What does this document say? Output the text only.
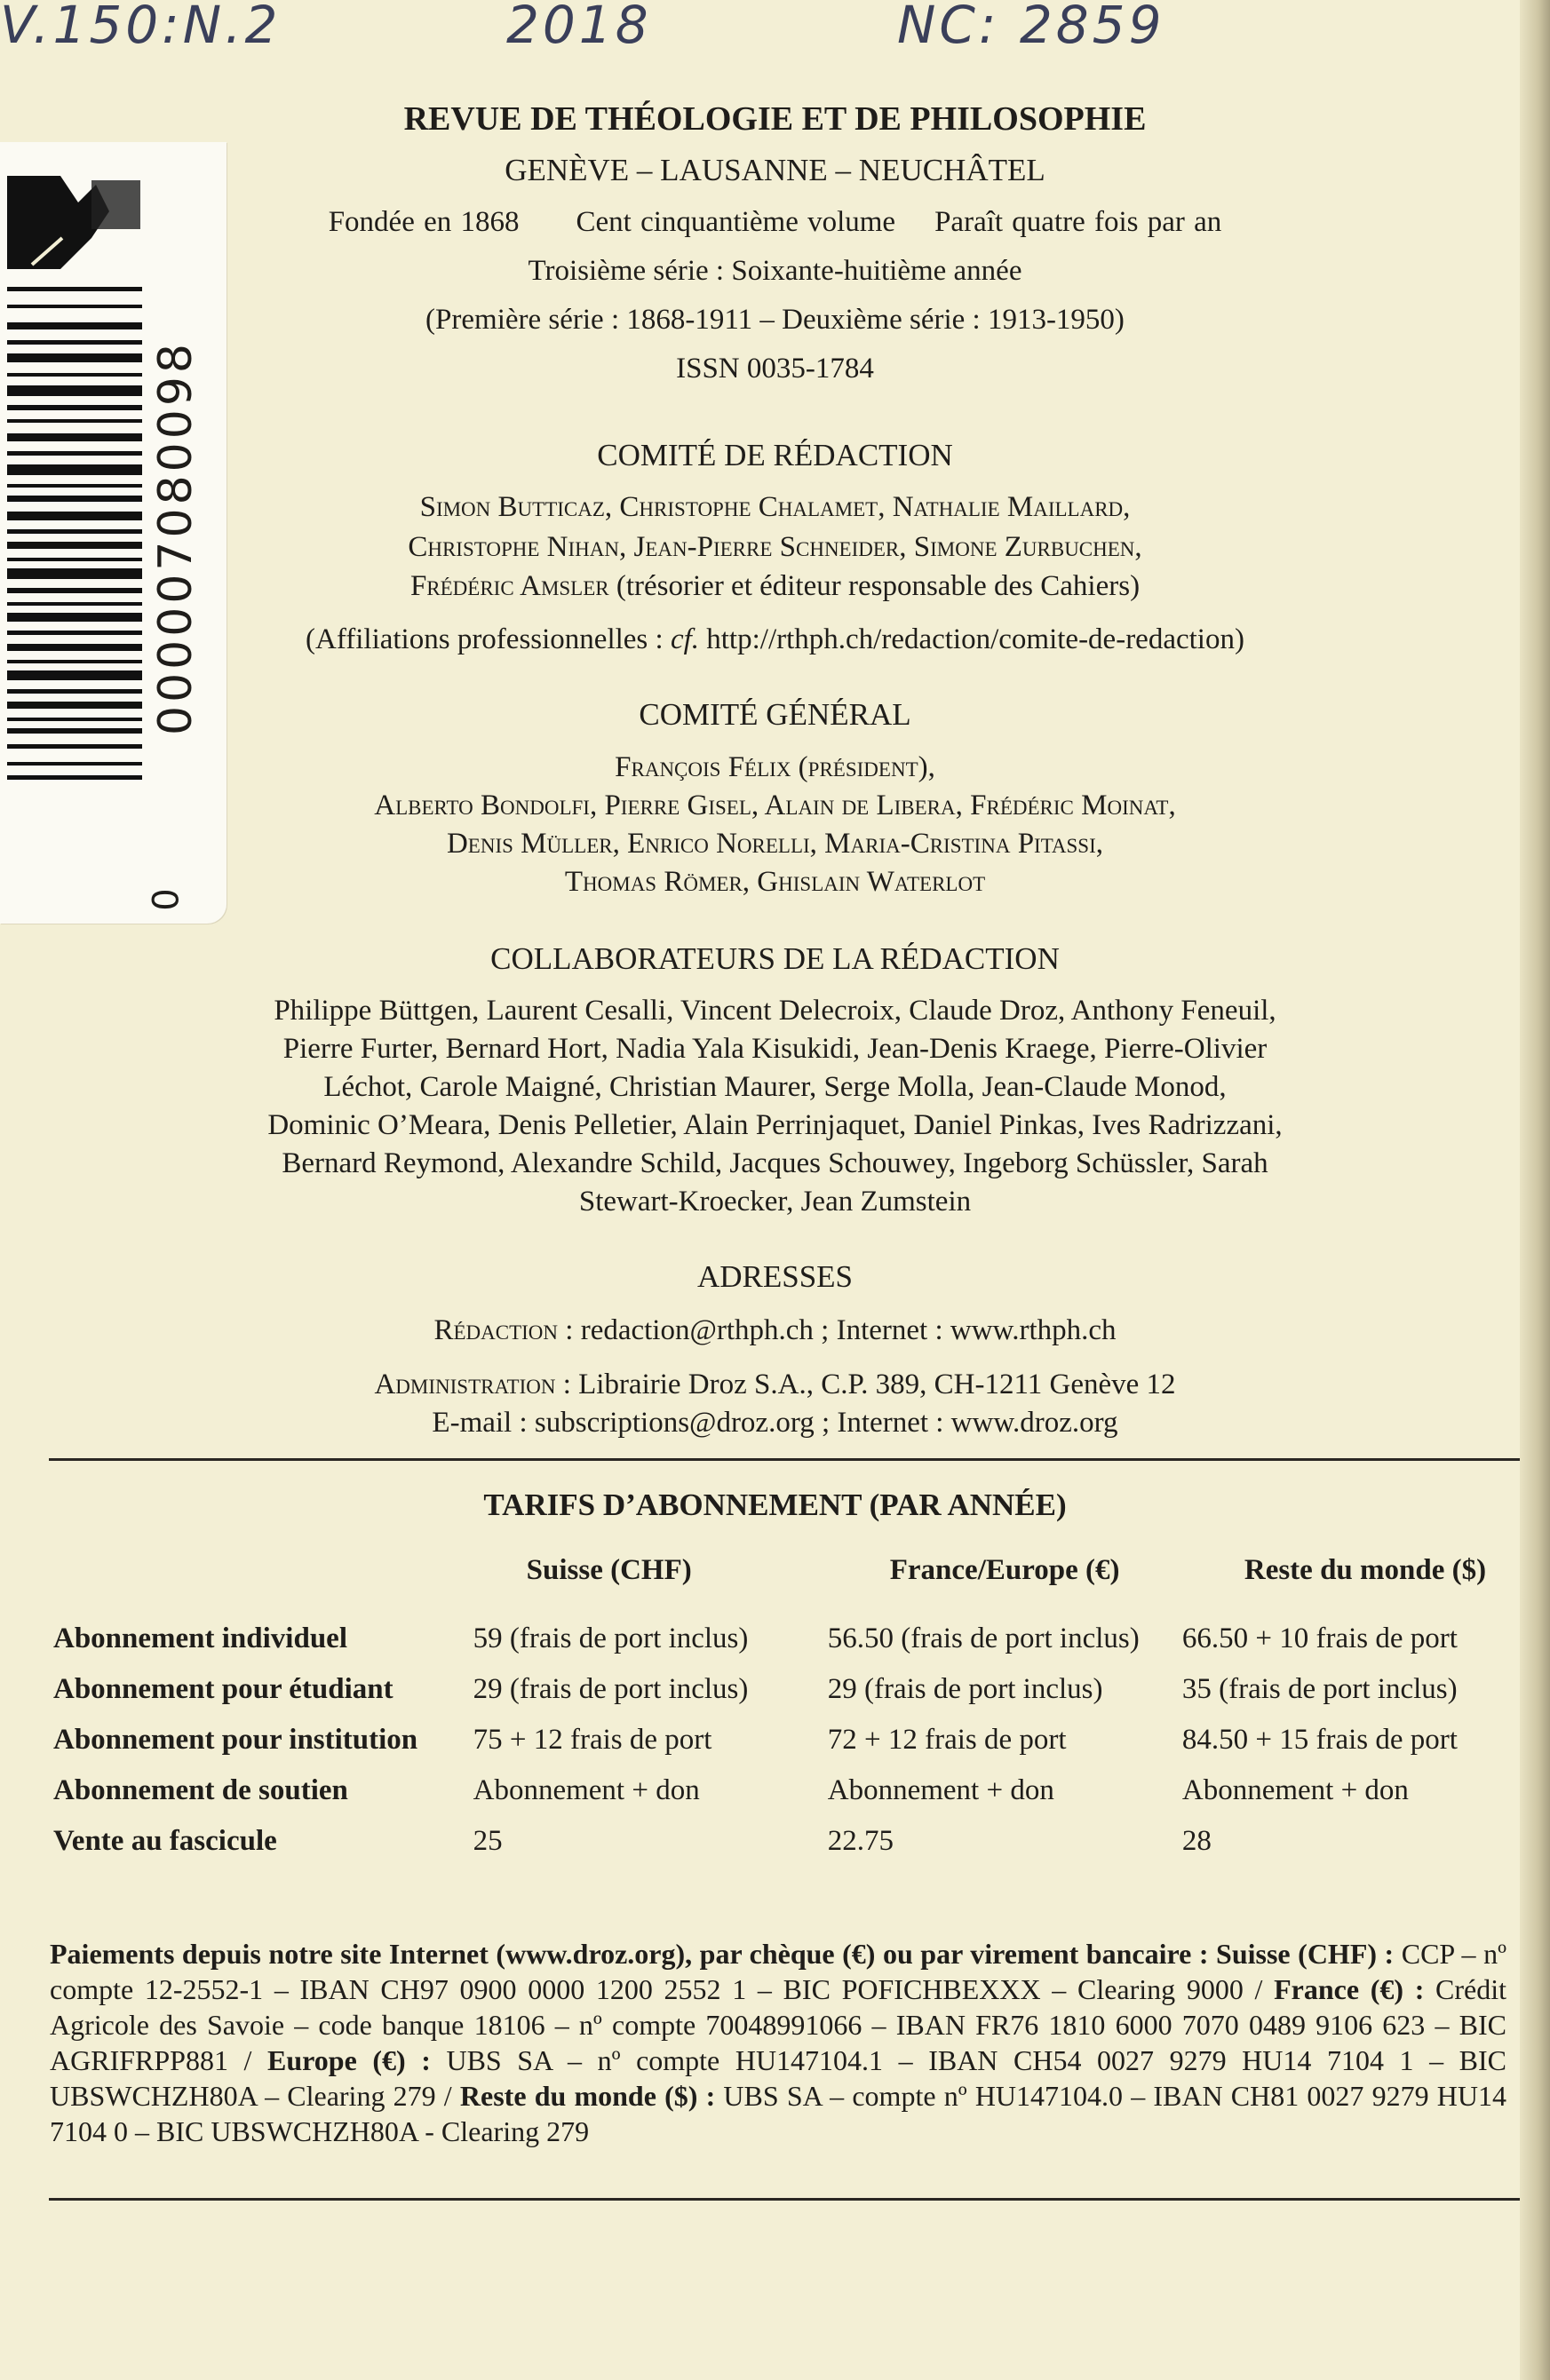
V.150:N.2	2018	NC: 2859
000007080098
0
REVUE DE THÉOLOGIE ET DE PHILOSOPHIE
GENÈVE – LAUSANNE – NEUCHÂTEL
Fondée en 1868 Cent cinquantième volume Paraît quatre fois par an
Troisième série : Soixante-huitième année
(Première série : 1868-1911 – Deuxième série : 1913-1950)
ISSN 0035-1784
COMITÉ DE RÉDACTION
Simon Butticaz, Christophe Chalamet, Nathalie Maillard,
Christophe Nihan, Jean-Pierre Schneider, Simone Zurbuchen,
Frédéric Amsler (trésorier et éditeur responsable des Cahiers)
(Affiliations professionnelles : cf. http://rthph.ch/redaction/comite-de-redaction)
COMITÉ GÉNÉRAL
François Félix (président),
Alberto Bondolfi, Pierre Gisel, Alain de Libera, Frédéric Moinat,
Denis Müller, Enrico Norelli, Maria-Cristina Pitassi,
Thomas Römer, Ghislain Waterlot
COLLABORATEURS DE LA RÉDACTION
Philippe Büttgen, Laurent Cesalli, Vincent Delecroix, Claude Droz, Anthony Feneuil,
Pierre Furter, Bernard Hort, Nadia Yala Kisukidi, Jean-Denis Kraege, Pierre-Olivier
Léchot, Carole Maigné, Christian Maurer, Serge Molla, Jean-Claude Monod,
Dominic O’Meara, Denis Pelletier, Alain Perrinjaquet, Daniel Pinkas, Ives Radrizzani,
Bernard Reymond, Alexandre Schild, Jacques Schouwey, Ingeborg Schüssler, Sarah
Stewart-Kroecker, Jean Zumstein
ADRESSES
Rédaction : redaction@rthph.ch ; Internet : www.rthph.ch
Administration : Librairie Droz S.A., C.P. 389, CH-1211 Genève 12
E-mail : subscriptions@droz.org ; Internet : www.droz.org
TARIFS D’ABONNEMENT (PAR ANNÉE)
	Suisse (CHF)	France/Europe (€)	Reste du monde ($)
Abonnement individuel	59 (frais de port inclus)	56.50 (frais de port inclus)	66.50 + 10 frais de port
Abonnement pour étudiant	29 (frais de port inclus)	29 (frais de port inclus)	35 (frais de port inclus)
Abonnement pour institution	75 + 12 frais de port	72 + 12 frais de port	84.50 + 15 frais de port
Abonnement de soutien	Abonnement + don	Abonnement + don	Abonnement + don
Vente au fascicule	25	22.75	28
Paiements depuis notre site Internet (www.droz.org), par chèque (€) ou par virement bancaire : Suisse (CHF) : CCP – nº compte 12-2552-1 – IBAN CH97 0900 0000 1200 2552 1 – BIC POFICHBEXXX – Clearing 9000 / France (€) : Crédit Agricole des Savoie – code banque 18106 – nº compte 70048991066 – IBAN FR76 1810 6000 7070 0489 9106 623 – BIC AGRIFRPP881 / Europe (€) : UBS SA – nº compte HU147104.1 – IBAN CH54 0027 9279 HU14 7104 1 – BIC UBSWCHZH80A – Clearing 279 / Reste du monde ($) : UBS SA – compte nº HU147104.0 – IBAN CH81 0027 9279 HU14 7104 0 – BIC UBSWCHZH80A - Clearing 279
